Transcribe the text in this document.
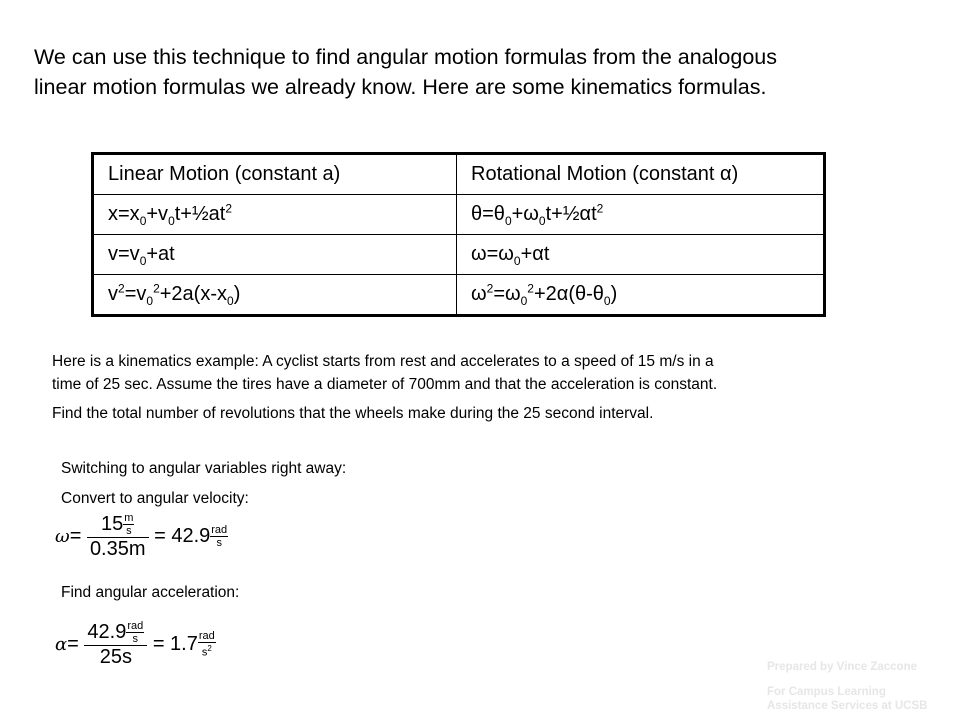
We can use this technique to find angular motion formulas from the analogous
linear motion formulas we already know. Here are some kinematics formulas.
Linear Motion (constant a)	Rotational Motion (constant α)
$x=x_0+v_0t+\frac{1}{2}at^2$	$\theta=\theta_0+\omega_0t+\frac{1}{2}\alpha t^2$
$v=v_0+at$	$\omega=\omega_0+\alpha t$
$v^2=v_0^2+2a(x-x_0)$	$\omega^2=\omega_0^2+2\alpha(\theta-\theta_0)$
Here is a kinematics example: A cyclist starts from rest and accelerates to a speed of 15 m/s in a
time of 25 sec. Assume the tires have a diameter of 700mm and that the acceleration is constant.
Find the total number of revolutions that the wheels make during the 25 second interval.
Switching to angular variables right away:
Convert to angular velocity:
$\omega= \frac{15 \frac{m}{s}}{0.35m} = 42.9 \frac{\text{rad}}{s}$
Find angular acceleration:
$\alpha= \frac{42.9 \frac{\text{rad}}{s}}{25s} = 1.7 \frac{\text{rad}}{s^2}$
Prepared by Vince Zaccone
For Campus Learning
Assistance Services at UCSB
